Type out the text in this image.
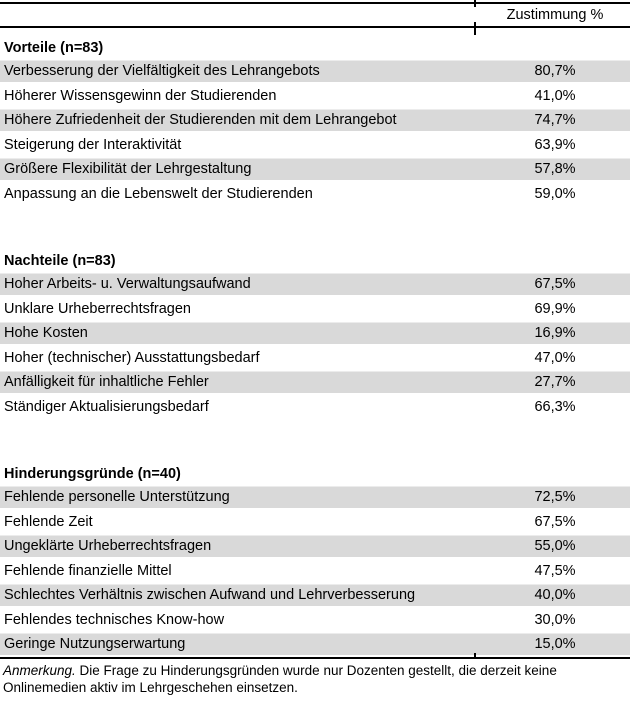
Zustimmung %
Vorteile (n=83)
Verbesserung der Vielfältigkeit des Lehrangebots	80,7%
Höherer Wissensgewinn der Studierenden	41,0%
Höhere Zufriedenheit der Studierenden mit dem Lehrangebot	74,7%
Steigerung der Interaktivität	63,9%
Größere Flexibilität der Lehrgestaltung	57,8%
Anpassung an die Lebenswelt der Studierenden	59,0%
Nachteile (n=83)
Hoher Arbeits- u. Verwaltungsaufwand	67,5%
Unklare Urheberrechtsfragen	69,9%
Hohe Kosten	16,9%
Hoher (technischer) Ausstattungsbedarf	47,0%
Anfälligkeit für inhaltliche Fehler	27,7%
Ständiger Aktualisierungsbedarf	66,3%
Hinderungsgründe (n=40)
Fehlende personelle Unterstützung	72,5%
Fehlende Zeit	67,5%
Ungeklärte Urheberrechtsfragen	55,0%
Fehlende finanzielle Mittel	47,5%
Schlechtes Verhältnis zwischen Aufwand und Lehrverbesserung	40,0%
Fehlendes technisches Know-how	30,0%
Geringe Nutzungserwartung	15,0%
Anmerkung. Die Frage zu Hinderungsgründen wurde nur Dozenten gestellt, die derzeit keine Onlinemedien aktiv im Lehrgeschehen einsetzen.
